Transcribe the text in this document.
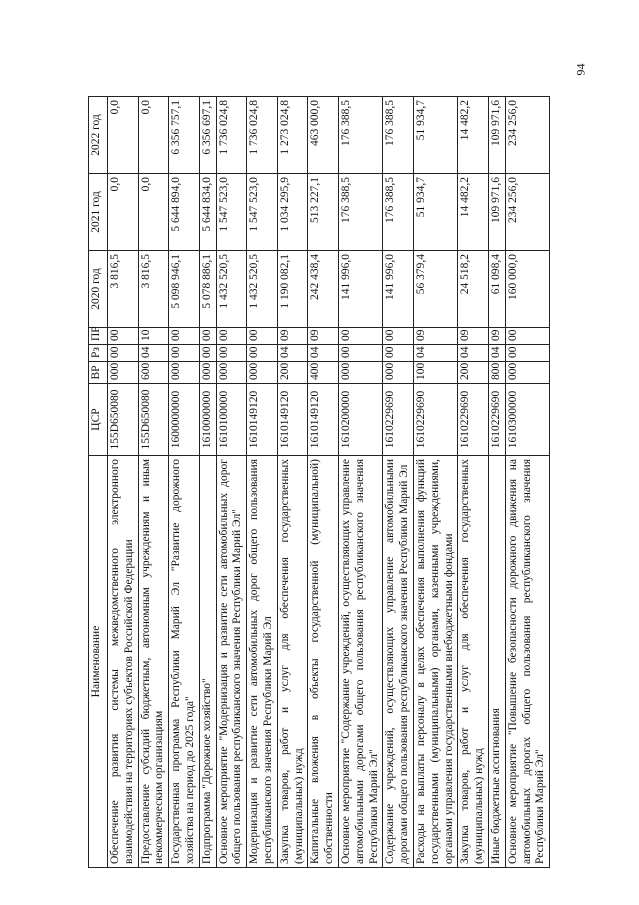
94
Наименование	ЦСР	ВР	Рз	ПР	2020 год	2021 год	2022 год
Обеспечение развития системы межведомственного электронного взаимодействия на территориях субъектов Российской Федерации	155D650080	000	00	00	3 816,5	0,0	0,0
Предоставление субсидий бюджетным, автономным учреждениям и иным некоммерческим организациям	155D650080	600	04	10	3 816,5	0,0	0,0
Государственная программа Республики Марий Эл "Развитие дорожного хозяйства на период до 2025 года"	1600000000	000	00	00	5 098 946,1	5 644 894,0	6 356 757,1
Подпрограмма "Дорожное хозяйство"	1610000000	000	00	00	5 078 886,1	5 644 834,0	6 356 697,1
Основное мероприятие "Модернизация и развитие сети автомобильных дорог общего пользования республиканского значения Республики Марий Эл"	1610100000	000	00	00	1 432 520,5	1 547 523,0	1 736 024,8
Модернизация и развитие сети автомобильных дорог общего пользования республиканского значения Республики Марий Эл	1610149120	000	00	00	1 432 520,5	1 547 523,0	1 736 024,8
Закупка товаров, работ и услуг для обеспечения государственных (муниципальных) нужд	1610149120	200	04	09	1 190 082,1	1 034 295,9	1 273 024,8
Капитальные вложения в объекты государственной (муниципальной) собственности	1610149120	400	04	09	242 438,4	513 227,1	463 000,0
Основное мероприятие "Содержание учреждений, осуществляющих управление автомобильными дорогами общего пользования республиканского значения Республики Марий Эл"	1610200000	000	00	00	141 996,0	176 388,5	176 388,5
Содержание учреждений, осуществляющих управление автомобильными дорогами общего пользования республиканского значения Республики Марий Эл	1610229690	000	00	00	141 996,0	176 388,5	176 388,5
Расходы на выплаты персоналу в целях обеспечения выполнения функций государственными (муниципальными) органами, казенными учреждениями, органами управления государственными внебюджетными фондами	1610229690	100	04	09	56 379,4	51 934,7	51 934,7
Закупка товаров, работ и услуг для обеспечения государственных (муниципальных) нужд	1610229690	200	04	09	24 518,2	14 482,2	14 482,2
Иные бюджетные ассигнования	1610229690	800	04	09	61 098,4	109 971,6	109 971,6
Основное мероприятие "Повышение безопасности дорожного движения на автомобильных дорогах общего пользования республиканского значения Республики Марий Эл"	1610300000	000	00	00	160 000,0	234 256,0	234 256,0
